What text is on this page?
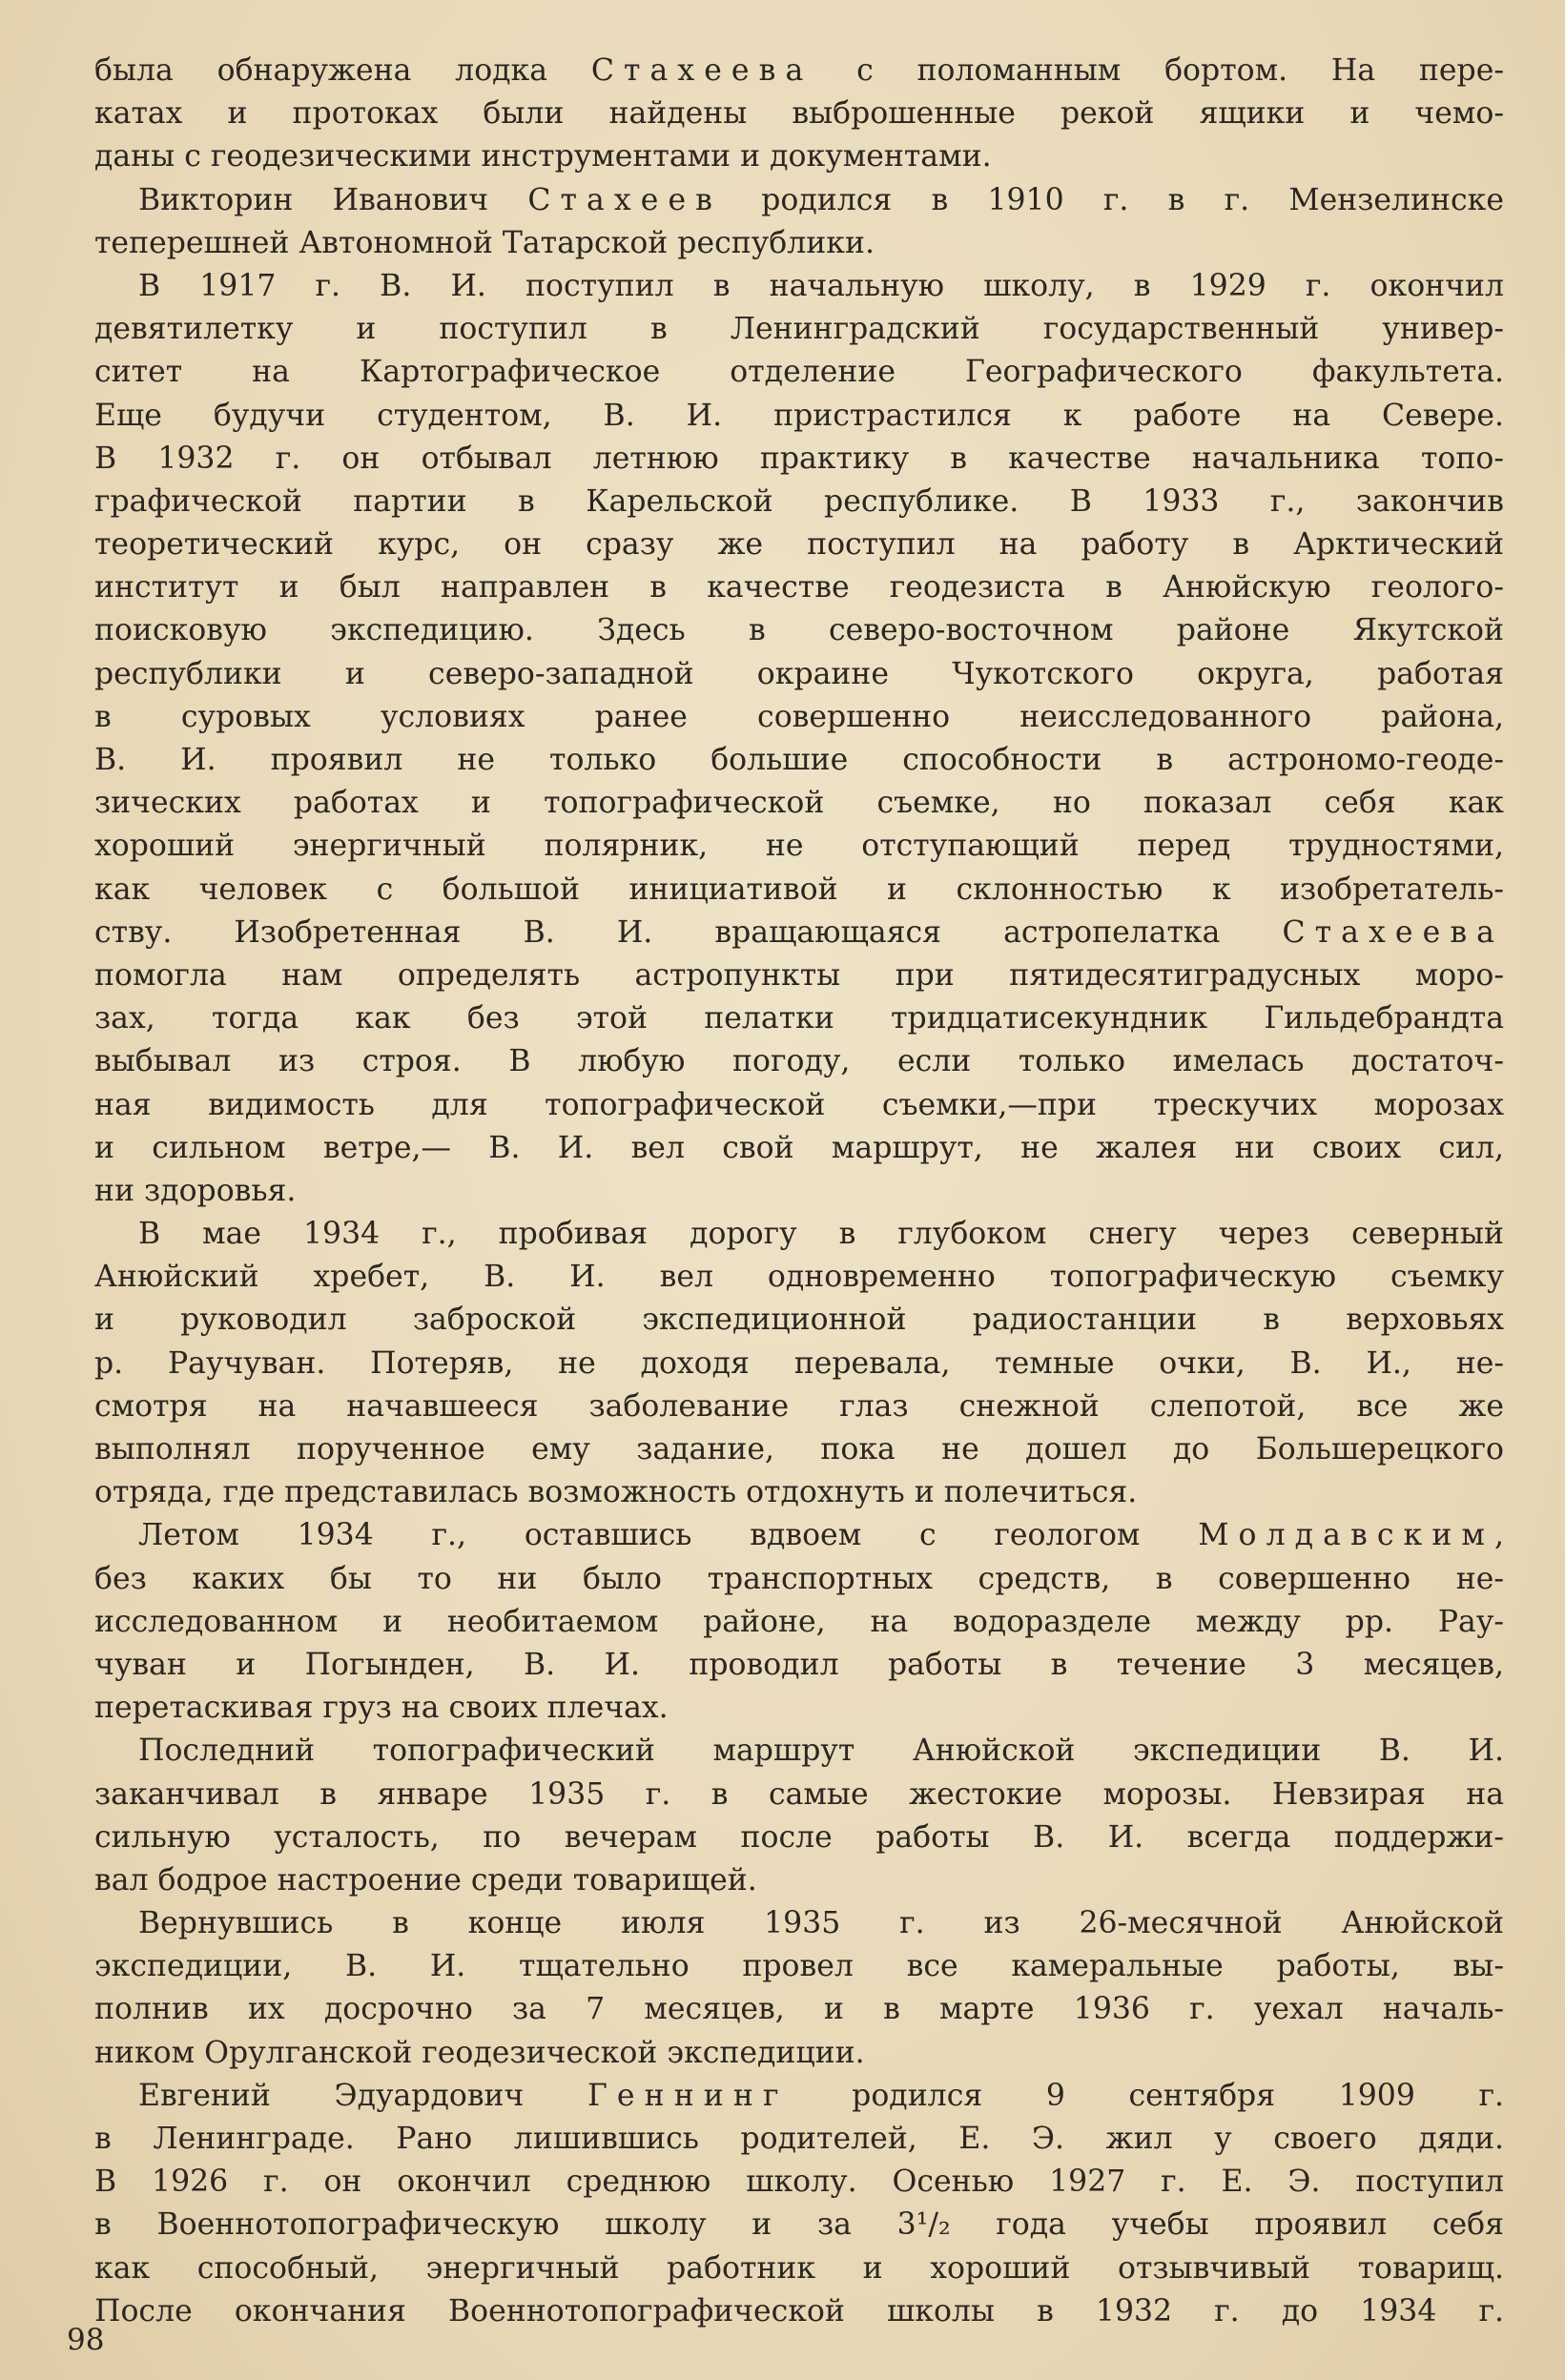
была обнаружена лодка Стахеева с поломанным бортом. На пере-
катах и протоках были найдены выброшенные рекой ящики и чемо-
даны с геодезическими инструментами и документами.
Викторин Иванович Стахеев родился в 1910 г. в г. Мензелинске
теперешней Автономной Татарской республики.
В 1917 г. В. И. поступил в начальную школу, в 1929 г. окончил
девятилетку и поступил в Ленинградский государственный универ-
ситет на Картографическое отделение Географического факультета.
Еще будучи студентом, В. И. пристрастился к работе на Севере.
В 1932 г. он отбывал летнюю практику в качестве начальника топо-
графической партии в Карельской республике. В 1933 г., закончив
теоретический курс, он сразу же поступил на работу в Арктический
институт и был направлен в качестве геодезиста в Анюйскую геолого-
поисковую экспедицию. Здесь в северо-восточном районе Якутской
республики и северо-западной окраине Чукотского округа, работая
в суровых условиях ранее совершенно неисследованного района,
В. И. проявил не только большие способности в астрономо-геоде-
зических работах и топографической съемке, но показал себя как
хороший энергичный полярник, не отступающий перед трудностями,
как человек с большой инициативой и склонностью к изобретатель-
ству. Изобретенная В. И. вращающаяся астропелатка Стахеева
помогла нам определять астропункты при пятидесятиградусных моро-
зах, тогда как без этой пелатки тридцатисекундник Гильдебрандта
выбывал из строя. В любую погоду, если только имелась достаточ-
ная видимость для топографической съемки,—при трескучих морозах
и сильном ветре,— В. И. вел свой маршрут, не жалея ни своих сил,
ни здоровья.
В мае 1934 г., пробивая дорогу в глубоком снегу через северный
Анюйский хребет, В. И. вел одновременно топографическую съемку
и руководил заброской экспедиционной радиостанции в верховьях
р. Раучуван. Потеряв, не доходя перевала, темные очки, В. И., не-
смотря на начавшееся заболевание глаз снежной слепотой, все же
выполнял порученное ему задание, пока не дошел до Большерецкого
отряда, где представилась возможность отдохнуть и полечиться.
Летом 1934 г., оставшись вдвоем с геологом Молдавским,
без каких бы то ни было транспортных средств, в совершенно не-
исследованном и необитаемом районе, на водоразделе между рр. Рау-
чуван и Погынден, В. И. проводил работы в течение 3 месяцев,
перетаскивая груз на своих плечах.
Последний топографический маршрут Анюйской экспедиции В. И.
заканчивал в январе 1935 г. в самые жестокие морозы. Невзирая на
сильную усталость, по вечерам после работы В. И. всегда поддержи-
вал бодрое настроение среди товарищей.
Вернувшись в конце июля 1935 г. из 26-месячной Анюйской
экспедиции, В. И. тщательно провел все камеральные работы, вы-
полнив их досрочно за 7 месяцев, и в марте 1936 г. уехал началь-
ником Орулганской геодезической экспедиции.
Евгений Эдуардович Геннинг родился 9 сентября 1909 г.
в Ленинграде. Рано лишившись родителей, Е. Э. жил у своего дяди.
В 1926 г. он окончил среднюю школу. Осенью 1927 г. Е. Э. поступил
в Военнотопографическую школу и за 3¹/₂ года учебы проявил себя
как способный, энергичный работник и хороший отзывчивый товарищ.
После окончания Военнотопографической школы в 1932 г. до 1934 г.
98
